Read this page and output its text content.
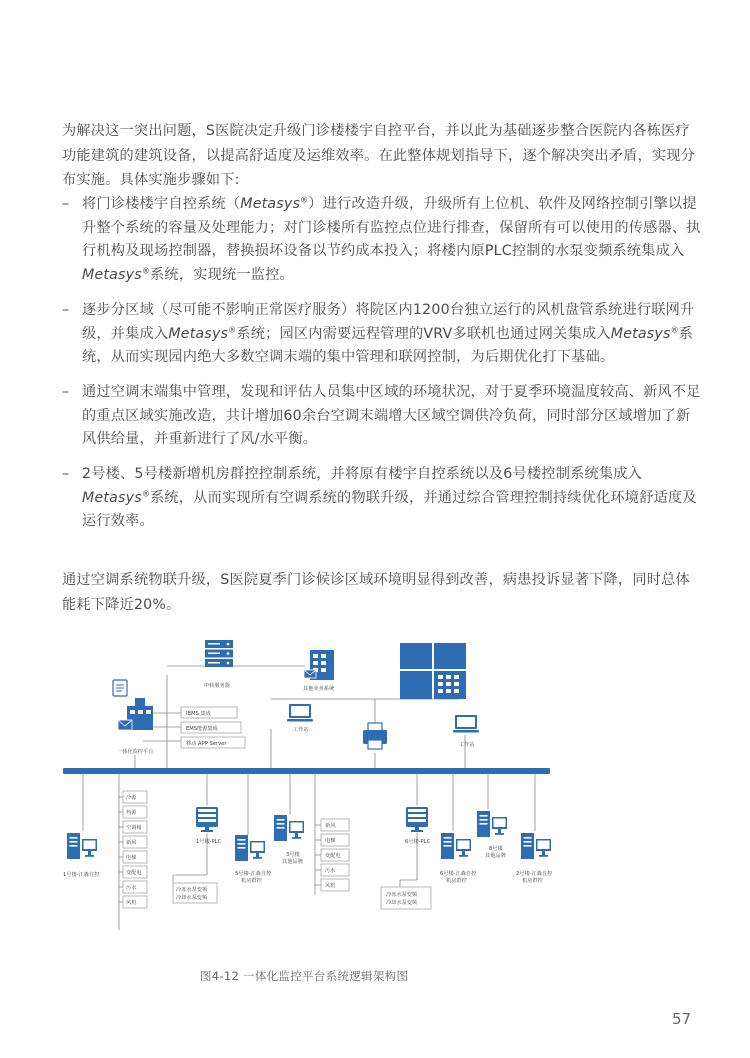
为解决这一突出问题，S医院决定升级门诊楼楼宇自控平台，并以此为基础逐步整合医院内各栋医疗功能建筑的建筑设备，以提高舒适度及运维效率。在此整体规划指导下，逐个解决突出矛盾，实现分布实施。具体实施步骤如下:

– 将门诊楼楼宇自控系统（Metasys®）进行改造升级，升级所有上位机、软件及网络控制引擎以提升整个系统的容量及处理能力；对门诊楼所有监控点位进行排查，保留所有可以使用的传感器、执行机构及现场控制器，替换损坏设备以节约成本投入；将楼内原PLC控制的水泵变频系统集成入Metasys®系统，实现统一监控。
– 逐步分区域（尽可能不影响正常医疗服务）将院区内1200台独立运行的风机盘管系统进行联网升级，并集成入Metasys®系统；园区内需要远程管理的VRV多联机也通过网关集成入Metasys®系统，从而实现园内绝大多数空调末端的集中管理和联网控制，为后期优化打下基础。
– 通过空调末端集中管理，发现和评估人员集中区域的环境状况，对于夏季环境温度较高、新风不足的重点区域实施改造，共计增加60余台空调末端增大区域空调供冷负荷，同时部分区域增加了新风供给量，并重新进行了风/水平衡。
– 2号楼、5号楼新增机房群控控制系统，并将原有楼宇自控系统以及6号楼控制系统集成入Metasys®系统，从而实现所有空调系统的物联升级，并通过综合管理控制持续优化环境舒适度及运行效率。

通过空调系统物联升级，S医院夏季门诊候诊区域环境明显得到改善，病患投诉显著下降，同时总体能耗下降近20%。

中转服务器	其他业务系统
一体化监控平台
IBMS 集成
EMS能源集成
移动 APP Server
工作站
工作站
1号楼-江森自控
冷源
热源
空调箱
新风
电梯
变配电
污水
风机
1号楼-PLC
冷冻水泵变频
冷却水泵变频
5号楼-江森自控
机房群控
3号楼
其他品牌
新风
电梯
变配电
污水
风机
6号楼-PLC
冷冻水泵变频
冷却水泵变频
6号楼-江森自控
机房群控
8号楼
其他品牌
2号楼-江森自控
机房群控
图4-12 一体化监控平台系统逻辑架构图
57
